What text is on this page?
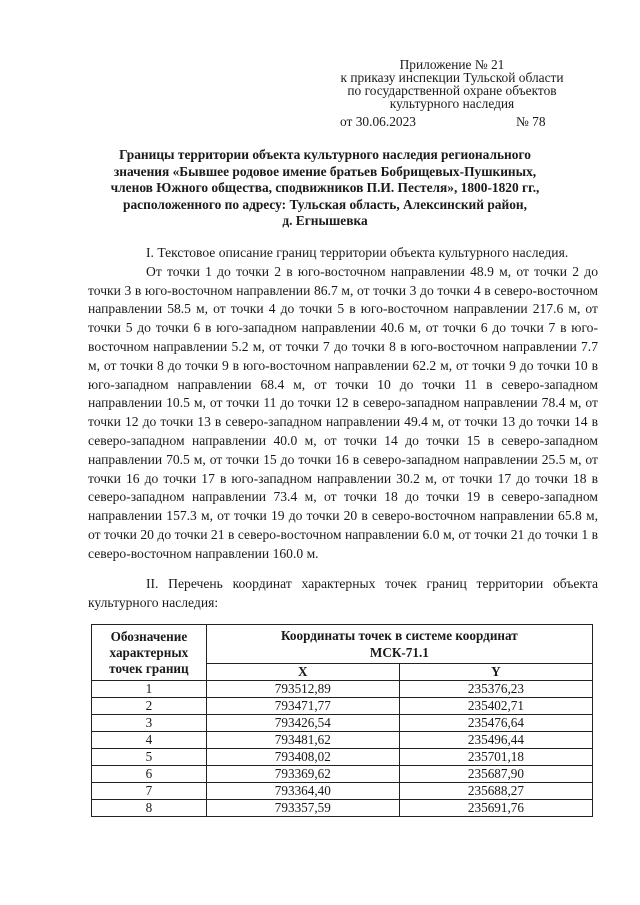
Приложение № 21
к приказу инспекции Тульской области
по государственной охране объектов
культурного наследия
от 30.06.2023	№ 78
Границы территории объекта культурного наследия регионального
значения «Бывшее родовое имение братьев Бобрищевых-Пушкиных,
членов Южного общества, сподвижников П.И. Пестеля», 1800-1820 гг.,
расположенного по адресу: Тульская область, Алексинский район,
д. Егнышевка
I. Текстовое описание границ территории объекта культурного наследия.

От точки 1 до точки 2 в юго-восточном направлении 48.9 м, от точки 2 до точки 3 в юго-восточном направлении 86.7 м, от точки 3 до точки 4 в северо-восточном направлении 58.5 м, от точки 4 до точки 5 в юго-восточном направлении 217.6 м, от точки 5 до точки 6 в юго-западном направлении 40.6 м, от точки 6 до точки 7 в юго-восточном направлении 5.2 м, от точки 7 до точки 8 в юго-восточном направлении 7.7 м, от точки 8 до точки 9 в юго-восточном направлении 62.2 м, от точки 9 до точки 10 в юго-западном направлении 68.4 м, от точки 10 до точки 11 в северо-западном направлении 10.5 м, от точки 11 до точки 12 в северо-западном направлении 78.4 м, от точки 12 до точки 13 в северо-западном направлении 49.4 м, от точки 13 до точки 14 в северо-западном направлении 40.0 м, от точки 14 до точки 15 в северо-западном направлении 70.5 м, от точки 15 до точки 16 в северо-западном направлении 25.5 м, от точки 16 до точки 17 в юго-западном направлении 30.2 м, от точки 17 до точки 18 в северо-западном направлении 73.4 м, от точки 18 до точки 19 в северо-западном направлении 157.3 м, от точки 19 до точки 20 в северо-восточном направлении 65.8 м, от точки 20 до точки 21 в северо-восточном направлении 6.0 м, от точки 21 до точки 1 в северо-восточном направлении 160.0 м.

II. Перечень координат характерных точек границ территории объекта культурного наследия:
Обозначение характерных точек границ	Координаты точек в системе координат
МСК-71.1	

	X	Y
1	793512,89	235376,23
2	793471,77	235402,71
3	793426,54	235476,64
4	793481,62	235496,44
5	793408,02	235701,18
6	793369,62	235687,90
7	793364,40	235688,27
8	793357,59	235691,76
